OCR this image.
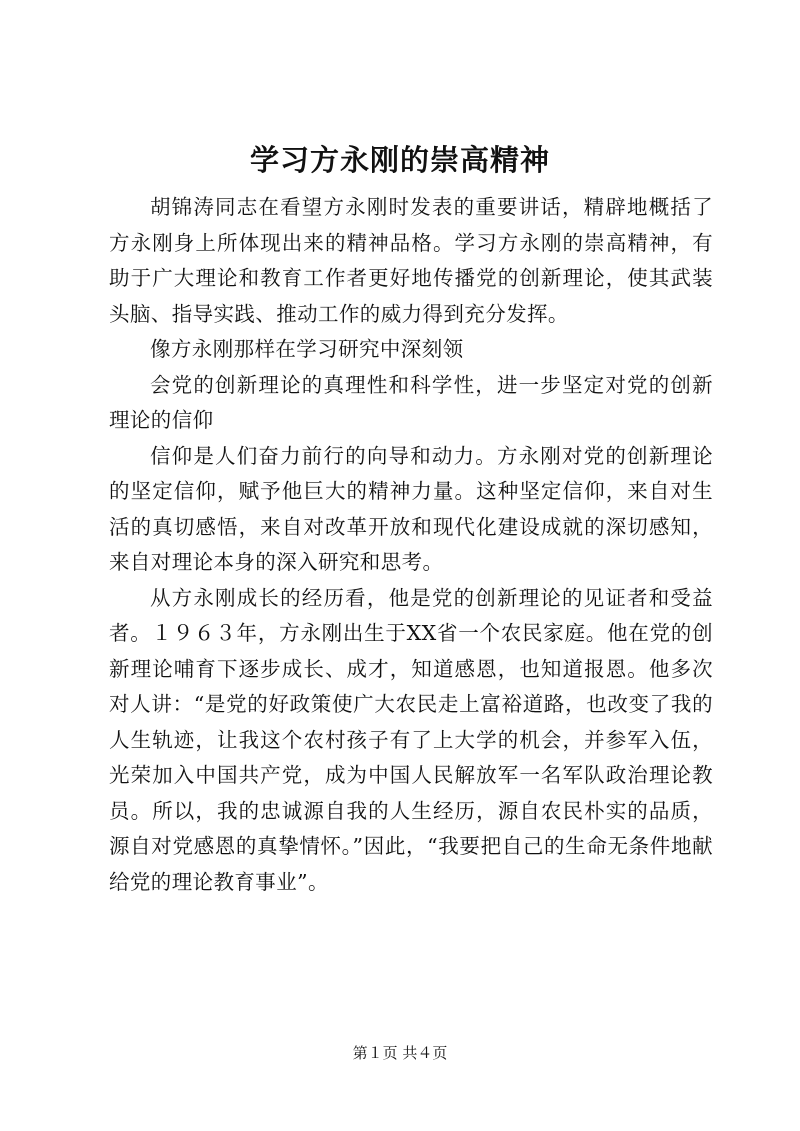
学习方永刚的崇高精神

胡锦涛同志在看望方永刚时发表的重要讲话，精辟地概括了方永刚身上所体现出来的精神品格。学习方永刚的崇高精神，有助于广大理论和教育工作者更好地传播党的创新理论，使其武装头脑、指导实践、推动工作的威力得到充分发挥。

像方永刚那样在学习研究中深刻领

会党的创新理论的真理性和科学性，进一步坚定对党的创新理论的信仰

信仰是人们奋力前行的向导和动力。方永刚对党的创新理论的坚定信仰，赋予他巨大的精神力量。这种坚定信仰，来自对生活的真切感悟，来自对改革开放和现代化建设成就的深切感知，来自对理论本身的深入研究和思考。

从方永刚成长的经历看，他是党的创新理论的见证者和受益者。１９６３年，方永刚出生于XX省一个农民家庭。他在党的创新理论哺育下逐步成长、成才，知道感恩，也知道报恩。他多次对人讲：“是党的好政策使广大农民走上富裕道路，也改变了我的人生轨迹，让我这个农村孩子有了上大学的机会，并参军入伍，光荣加入中国共产党，成为中国人民解放军一名军队政治理论教员。所以，我的忠诚源自我的人生经历，源自农民朴实的品质，源自对党感恩的真挚情怀。”因此，“我要把自己的生命无条件地献给党的理论教育事业”。

第１页 共４页
